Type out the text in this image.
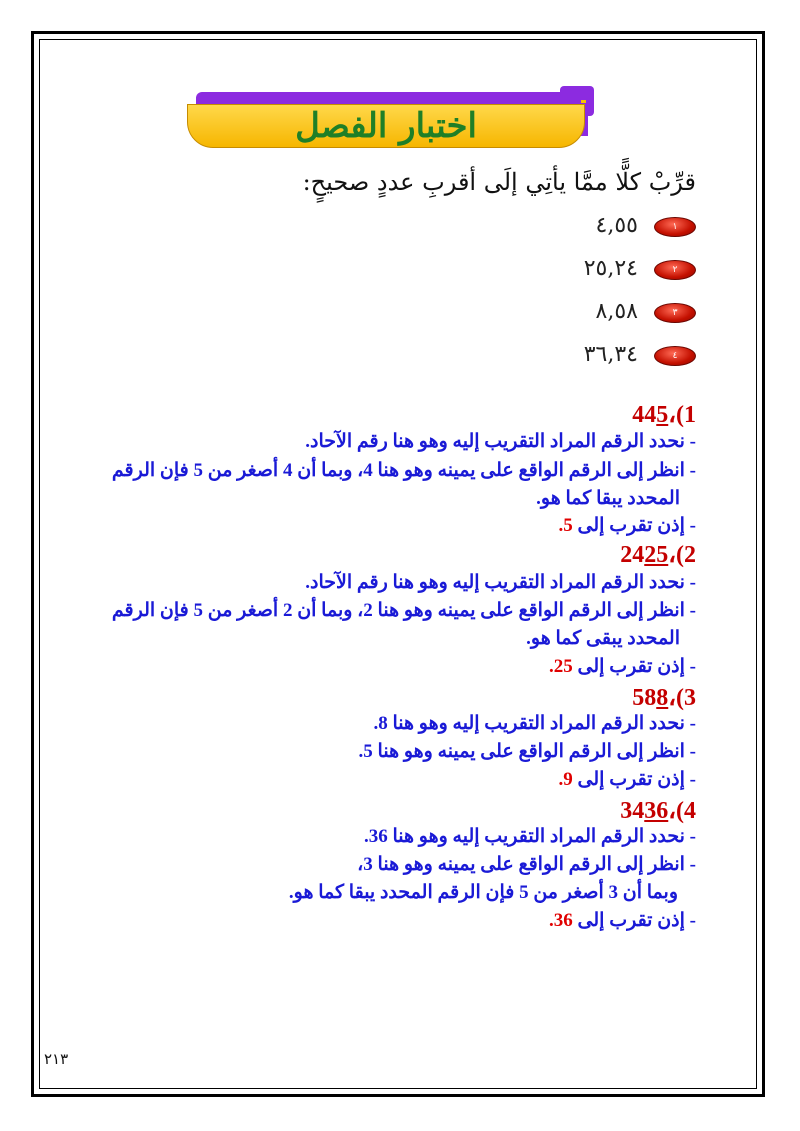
اختبار الفصل
قرِّبْ كلًّا ممَّا يأتِي إلَى أقربِ عددٍ صحيحٍ:
١
٤,٥٥
٢
٢٥,٢٤
٣
٨,٥٨
٤
٣٦,٣٤
1)،445
- نحدد الرقم المراد التقريب إليه وهو هنا رقم الآحاد.
- انظر إلى الرقم الواقع على يمينه وهو هنا 4، وبما أن 4 أصغر من 5 فإن الرقم
المحدد يبقا كما هو.
- إذن تقرب إلى 5.
2)،2425
- نحدد الرقم المراد التقريب إليه وهو هنا رقم الآحاد.
- انظر إلى الرقم الواقع على يمينه وهو هنا 2، وبما أن 2 أصغر من 5 فإن الرقم
المحدد يبقى كما هو.
- إذن تقرب إلى 25.
3)،588
- نحدد الرقم المراد التقريب إليه وهو هنا 8.
- انظر إلى الرقم الواقع على يمينه وهو هنا 5.
- إذن تقرب إلى 9.
4)،3436
- نحدد الرقم المراد التقريب إليه وهو هنا 36.
- انظر إلى الرقم الواقع على يمينه وهو هنا 3،
وبما أن 3 أصغر من 5 فإن الرقم المحدد يبقا كما هو.
- إذن تقرب إلى 36.
٢١٣
